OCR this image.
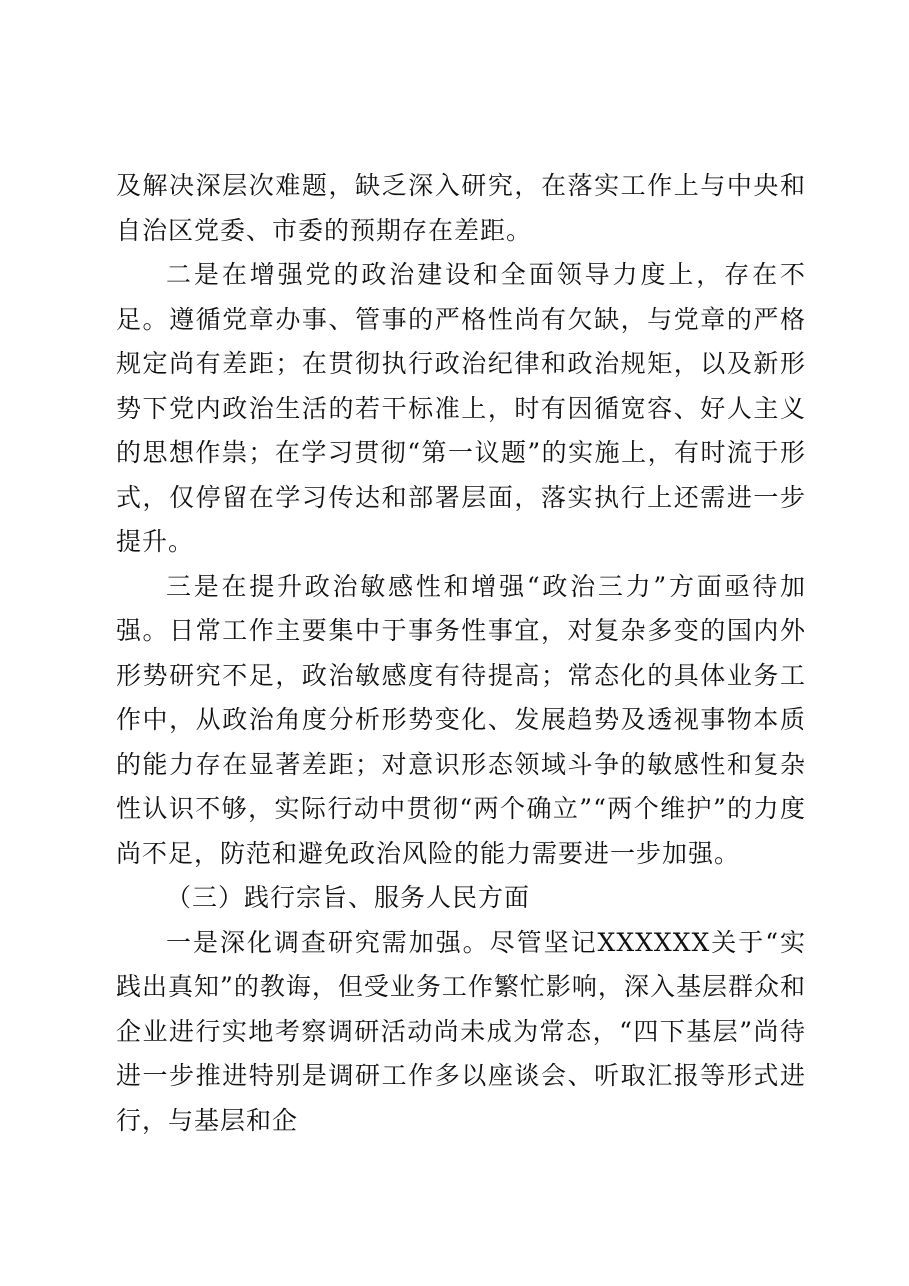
及解决深层次难题，缺乏深入研究，在落实工作上与中央和自治区党委、市委的预期存在差距。

二是在增强党的政治建设和全面领导力度上，存在不足。遵循党章办事、管事的严格性尚有欠缺，与党章的严格规定尚有差距；在贯彻执行政治纪律和政治规矩，以及新形势下党内政治生活的若干标准上，时有因循宽容、好人主义的思想作祟；在学习贯彻“第一议题”的实施上，有时流于形式，仅停留在学习传达和部署层面，落实执行上还需进一步提升。

三是在提升政治敏感性和增强“政治三力”方面亟待加强。日常工作主要集中于事务性事宜，对复杂多变的国内外形势研究不足，政治敏感度有待提高；常态化的具体业务工作中，从政治角度分析形势变化、发展趋势及透视事物本质的能力存在显著差距；对意识形态领域斗争的敏感性和复杂性认识不够，实际行动中贯彻“两个确立”“两个维护”的力度尚不足，防范和避免政治风险的能力需要进一步加强。

（三）践行宗旨、服务人民方面

一是深化调查研究需加强。尽管坚记XXXXXX关于“实践出真知”的教诲，但受业务工作繁忙影响，深入基层群众和企业进行实地考察调研活动尚未成为常态，“四下基层”尚待进一步推进特别是调研工作多以座谈会、听取汇报等形式进行，与基层和企
